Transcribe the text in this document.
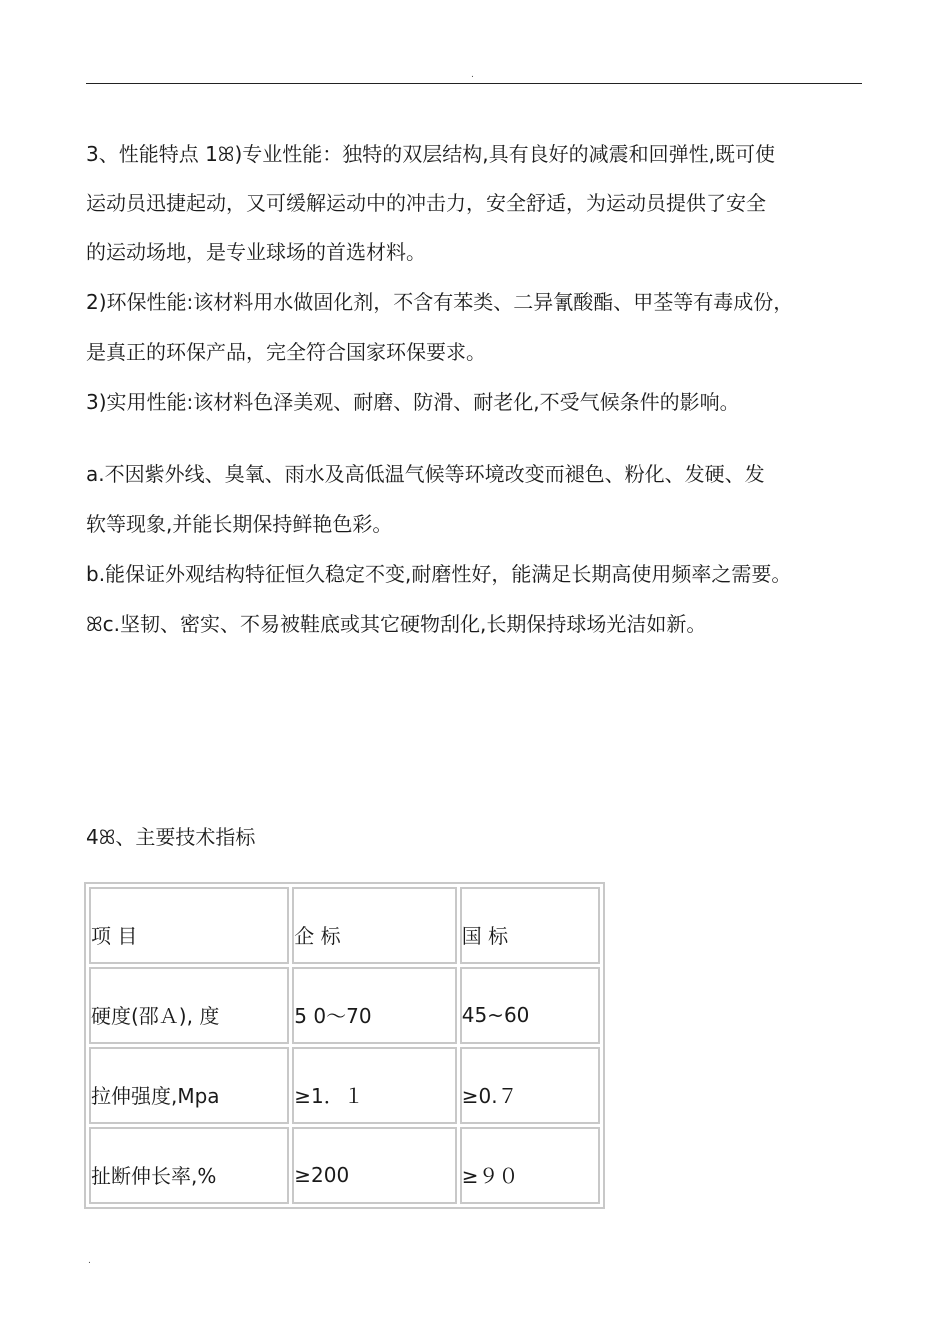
.
3、性能特点 1ꕤ)专业性能：独特的双层结构,具有良好的减震和回弹性,既可使
运动员迅捷起动，又可缓解运动中的冲击力，安全舒适，为运动员提供了安全
的运动场地，是专业球场的首选材料。
2)环保性能:该材料用水做固化剂，不含有苯类、二异氰酸酯、甲荃等有毒成份，
是真正的环保产品，完全符合国家环保要求。
3)实用性能:该材料色泽美观、耐磨、防滑、耐老化,不受气候条件的影响。
a.不因紫外线、臭氧、雨水及高低温气候等环境改变而褪色、粉化、发硬、发
软等现象,并能长期保持鲜艳色彩。
b.能保证外观结构特征恒久稳定不变,耐磨性好，能满足长期高使用频率之需要。
ꕤc.坚韧、密实、不易被鞋底或其它硬物刮化,长期保持球场光洁如新。
4ꕤ、主要技术指标
项 目	企 标	国 标
硬度(邵Ａ), 度	5 0～70	45~60
拉伸强度,Mpa	≥1．１	≥0.７
扯断伸长率,%	≥200	≥９０
.
